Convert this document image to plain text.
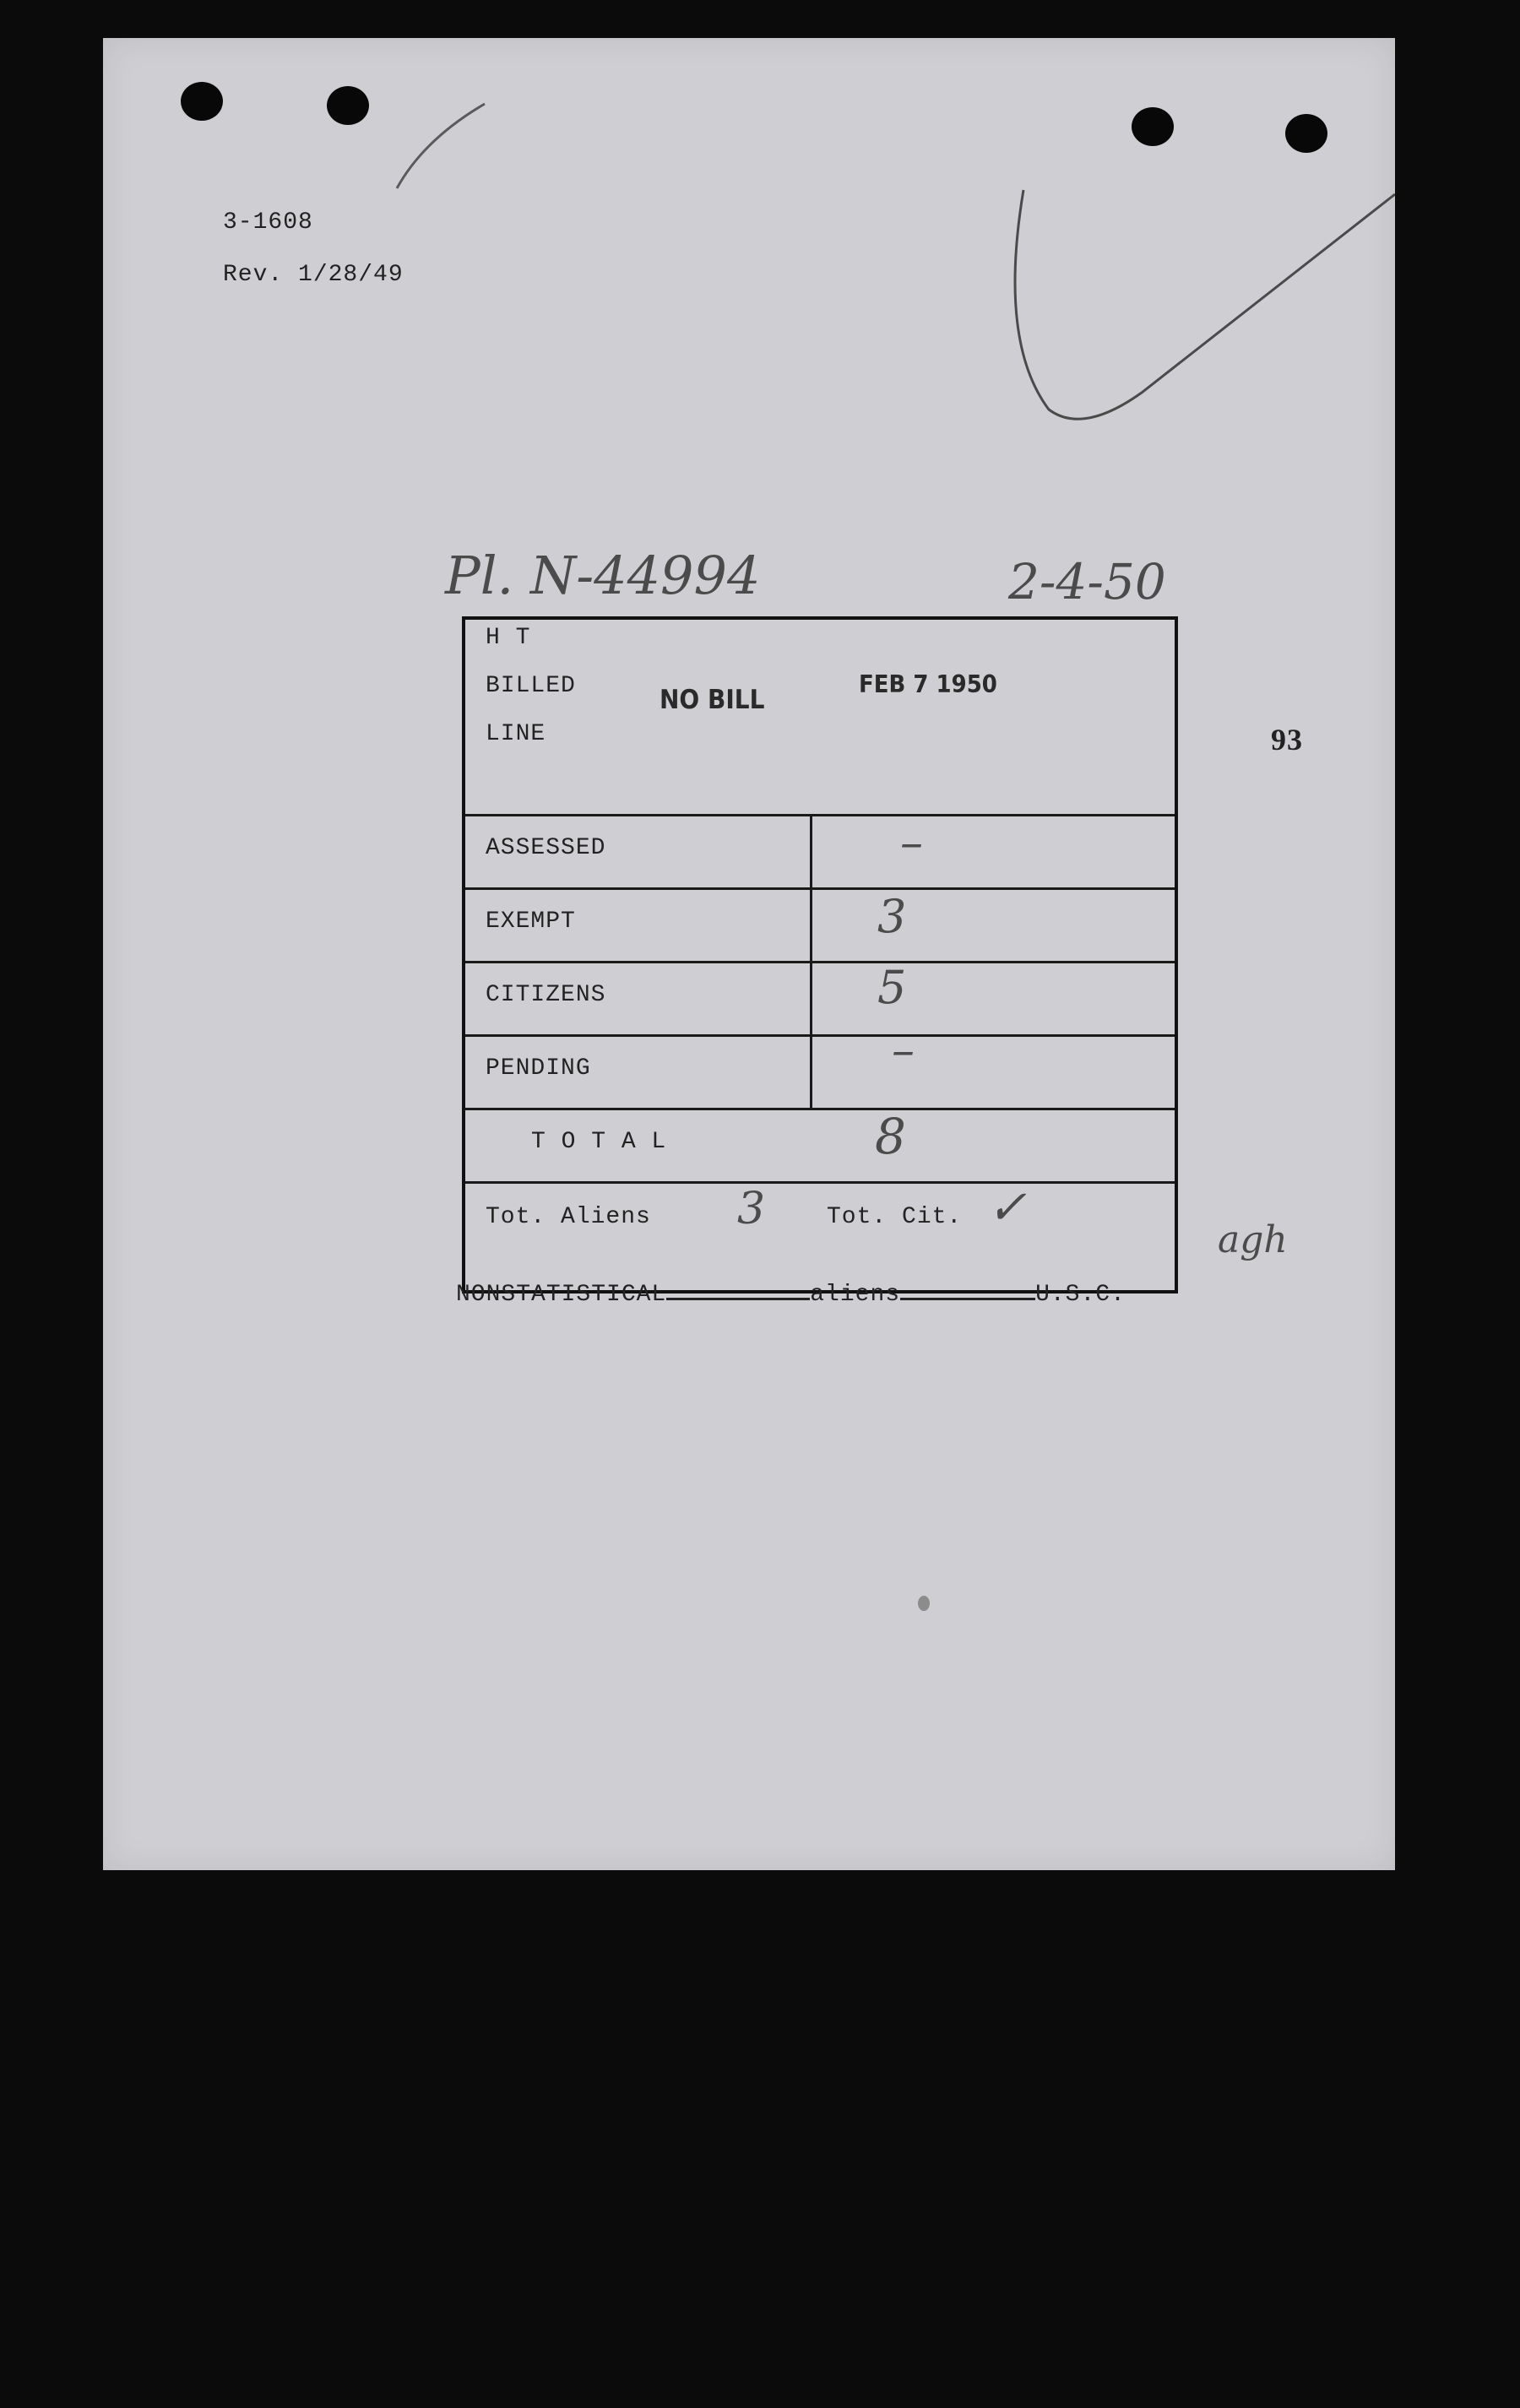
3-1608
Rev. 1/28/49
Pl. N-44994	2-4-50
93
H T
BILLED
LINE
NO BILL	FEB 7 1950
ASSESSED	–
EXEMPT	3
CITIZENS	5
PENDING	–
T O T A L	8
Tot. Aliens 3	Tot. Cit. ✓
agh
NONSTATISTICAL	aliens	U.S.C.
